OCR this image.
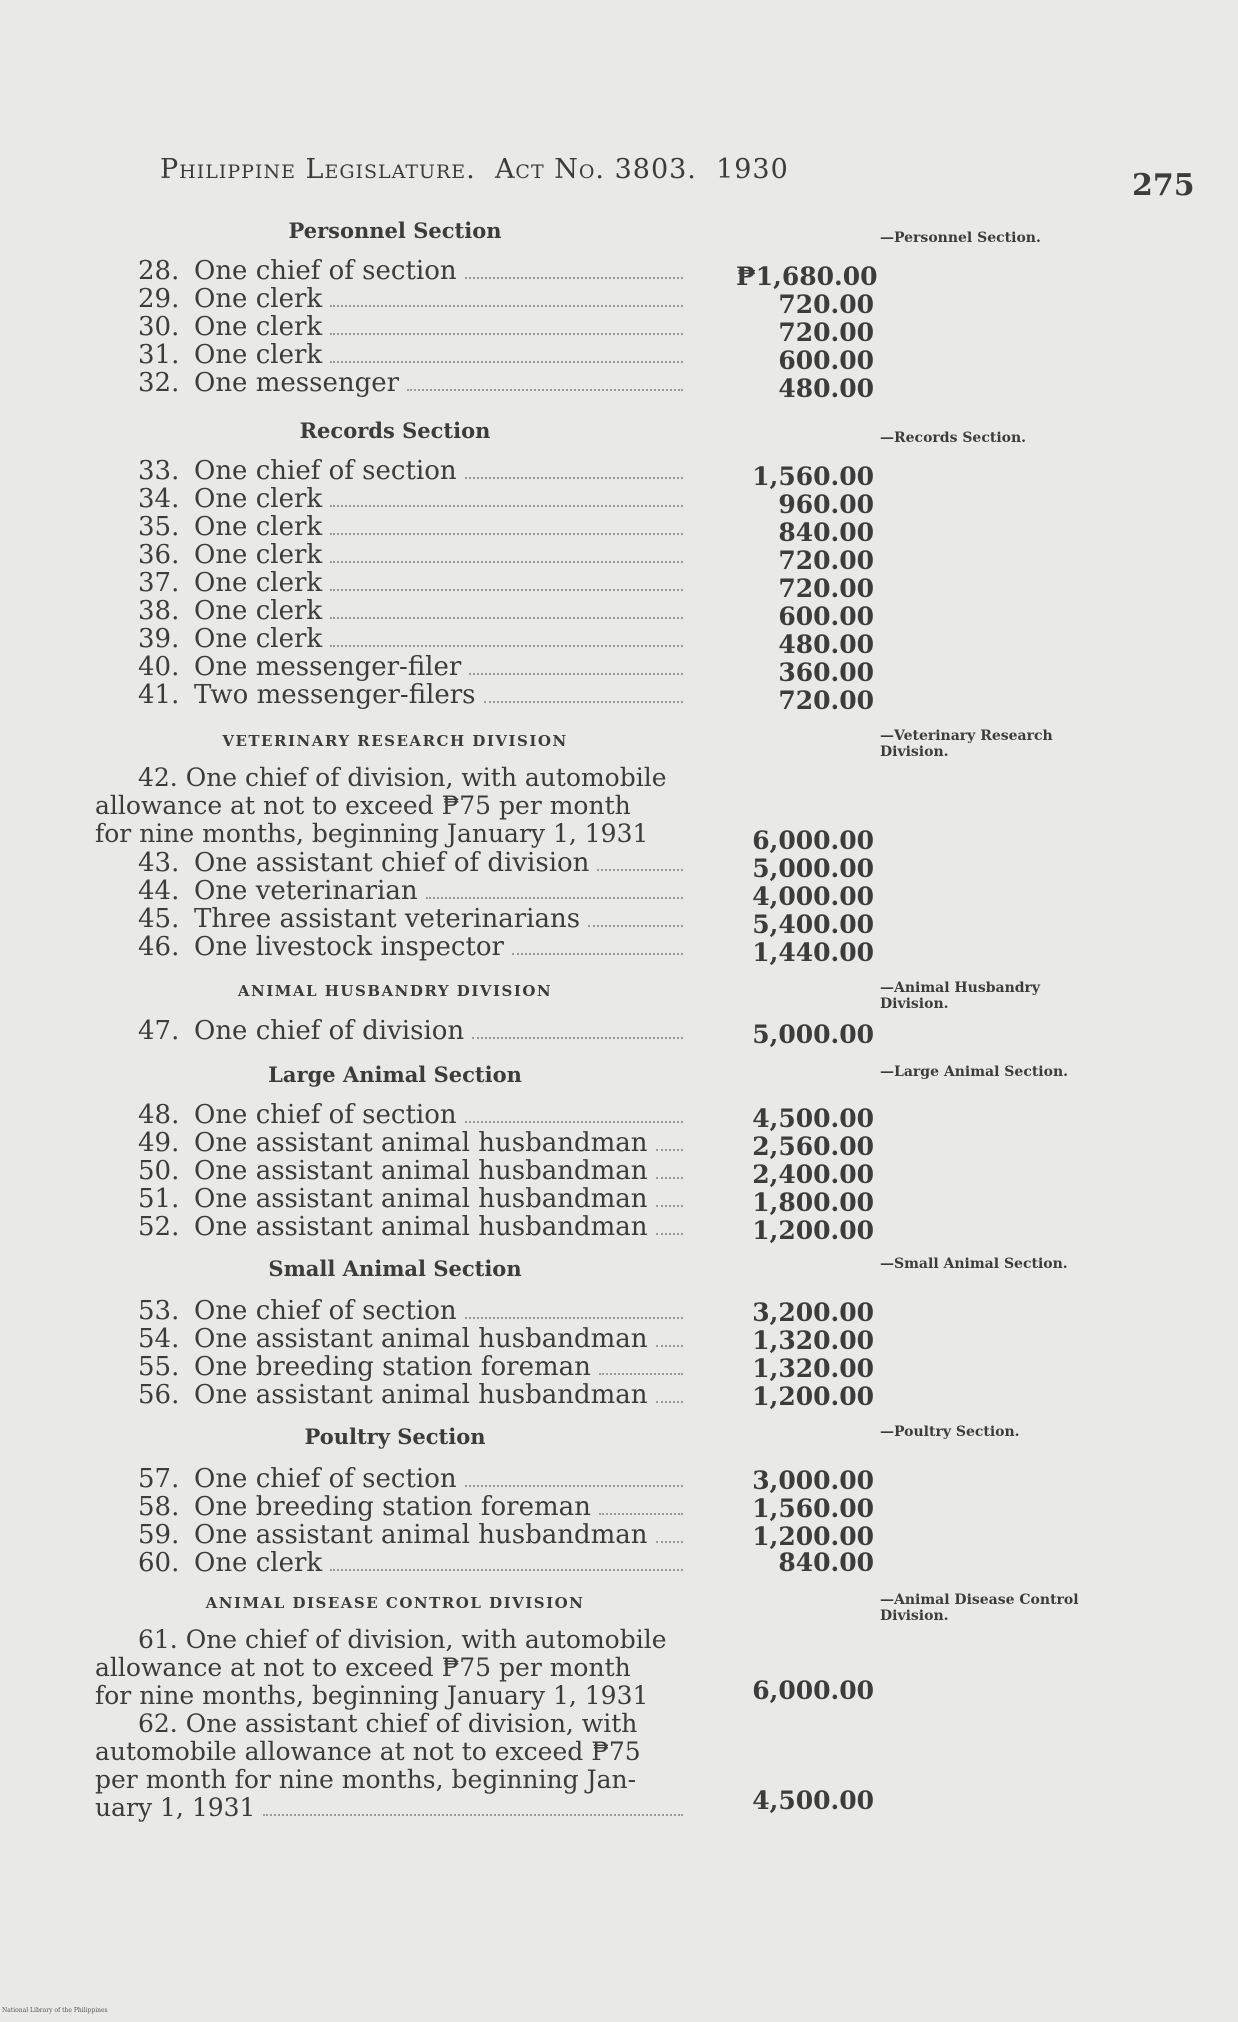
Philippine Legislature. Act No. 3803. 1930	275
Personnel Section	—Personnel Section.
28. One chief of section	₱1,680.00
29. One clerk	720.00
30. One clerk	720.00
31. One clerk	600.00
32. One messenger	480.00
Records Section	—Records Section.
33. One chief of section	1,560.00
34. One clerk	960.00
35. One clerk	840.00
36. One clerk	720.00
37. One clerk	720.00
38. One clerk	600.00
39. One clerk	480.00
40. One messenger-filer	360.00
41. Two messenger-filers	720.00
VETERINARY RESEARCH DIVISION	—Veterinary Research Division.
42. One chief of division, with automobile
allowance at not to exceed ₱75 per month
for nine months, beginning January 1, 1931	6,000.00
43. One assistant chief of division	5,000.00
44. One veterinarian	4,000.00
45. Three assistant veterinarians	5,400.00
46. One livestock inspector	1,440.00
ANIMAL HUSBANDRY DIVISION	—Animal Husbandry Division.
47. One chief of division	5,000.00
Large Animal Section	—Large Animal Section.
48. One chief of section	4,500.00
49. One assistant animal husbandman	2,560.00
50. One assistant animal husbandman	2,400.00
51. One assistant animal husbandman	1,800.00
52. One assistant animal husbandman	1,200.00
Small Animal Section	—Small Animal Section.
53. One chief of section	3,200.00
54. One assistant animal husbandman	1,320.00
55. One breeding station foreman	1,320.00
56. One assistant animal husbandman	1,200.00
Poultry Section	—Poultry Section.
57. One chief of section	3,000.00
58. One breeding station foreman	1,560.00
59. One assistant animal husbandman	1,200.00
60. One clerk	840.00
ANIMAL DISEASE CONTROL DIVISION	—Animal Disease Control Division.
61. One chief of division, with automobile
allowance at not to exceed ₱75 per month
for nine months, beginning January 1, 1931	6,000.00
62. One assistant chief of division, with
automobile allowance at not to exceed ₱75
per month for nine months, beginning Jan-
uary 1, 1931	4,500.00
National Library of the Philippines
